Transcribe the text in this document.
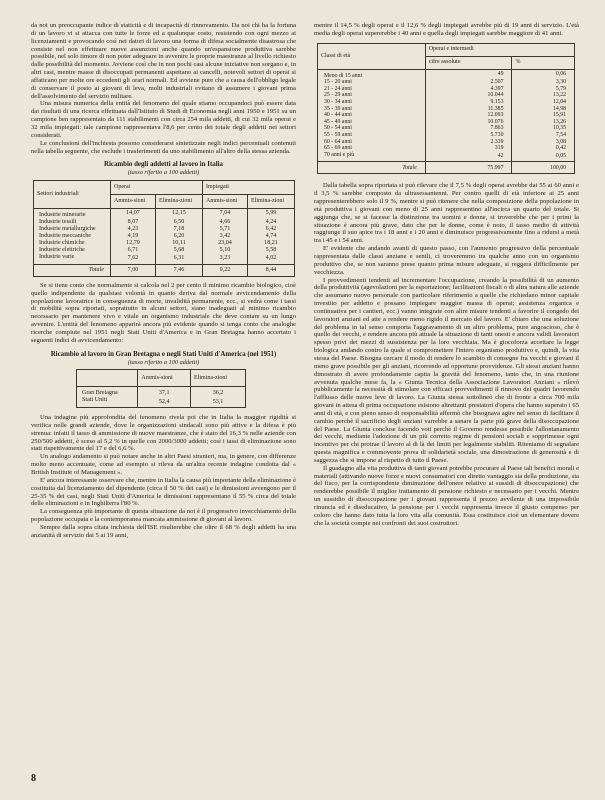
da noi un preoccupante indice di staticità e di incapacità di rinnovamento. Da noi chi ha la fortuna di un lavoro vi si attacca con tutte le forze ed a qualunque costo, resistendo con ogni mezzo ai licenziamenti e provocando così nei datori di lavoro una forma di difesa socialmente disastrosa che consiste nel non effettuare nuove assunzioni anche quando un'espansione produttiva sarebbe possibile, nel solo timore di non poter adeguare in avvenire le proprie maestranze al livello richiesto dalle possibilità del momento. Avviene così che in non pochi casi alcune iniziative non sorgano e, in altri casi, mentre masse di disoccupati permanenti aspettano ai cancelli, notevoli settori di operai si affaticano per molte ore eccedenti gli orari normali. Ed avviene pure che a causa dell'obbligo legale di conservare il posto ai giovani di leva, molti industriali evitano di assumere i giovani prima dell'assolvimento del servizio militare.

Una misura numerica della entità del fenomeno del quale stiamo occupandoci può essere data dai risultati di una ricerca effettuata dall'Istituto di Studi di Economia negli anni 1950 e 1951 su un campione ben rappresentato da 111 stabilimenti con circa 254 mila addetti, di cui 32 mila operai e 32 mila impiegati: tale campione rappresentava l'8,6 per cento dei totale degli addetti nei settori considerati.

Le conclusioni dell'inchiesta possono considerarsi sintetizzate negli indici percentuali contenuti nella tabella seguente, che esclude i trasferimenti da uno stabilimento all'altro della stessa azienda.

Ricambio degli addetti al lavoro in Italia
(tasso riferito a 100 addetti)
Settori industriali	Operai		Impiegati	
	Ammis-sioni	Elimina-zioni	Ammis-sioni	Elimina-zioni
Industrie minerarie	14,07	12,15	7,04	5,99
Industrie tessili	8,07	6,50	4,66	4,24
Industrie metallurgiche	4,23	7,18	5,71	6,42
Industrie meccaniche	4,19	6,20	3,42	4,74
Industrie chimiche	12,79	10,11	23,04	18,21
Industrie elettriche	6,71	5,68	5,10	5,58
Industrie varie	7,62	6,31	3,23	4,02
Totale	7,00	7,46	9,22	8,44

Se si tiene conto che normalmente si calcola nel 2 per cento il minimo ricambio biologico, cioè quello indipendente da qualsiasi volontà in quanto deriva dal normale avvicendamento della popolazione lavoratrice in conseguenza di morte, invalidità permanente, ecc., si vedrà come i tassi di mobilità sopra riportati, soprattutto in alcuni settori, siano inadeguati al minimo ricambio necessario per mantenere vivo e vitale un organismo industriale che deve contare su un lungo avvenire. L'entità del fenomeno apparirà ancora più evidente quando si tenga conto che analoghe ricerche compiute nel 1951 negli Stati Uniti d'America e in Gran Bretagna hanno accertato i seguenti indici di avvicendamento:

Ricambio al lavoro in Gran Bretagna e negli Stati Uniti d'America (nel 1951)
(tasso riferito a 100 addetti)
	Ammis-sioni	Elimina-zioni
Gran Bretagna	37,1	36,2
Stati Uniti	52,4	53,1

Una indagine più approfondita del fenomeno rivela poi che in Italia la maggior rigidità si verifica nelle grandi aziende, dove le organizzazioni sindacali sono più attive e la difesa è più strenua: infatti il tasso di ammissione di nuove maestranze, che è stato del 16,3 % nelle aziende con 250/500 addetti, è sceso al 5,2 % in quelle con 2000/3000 addetti; così i tassi di eliminazione sono stati rispettivamente del 17 e del 6,6 %.

Un analogo andamento si può notare anche in altri Paesi stranieri, ma, in genere, con differenze molto meno accentuate, come ad esempio si rileva da un'altra recente indagine condotta dal « British Institute of Management ».

E' ancora interessante osservare che, mentre in Italia la causa più importante della eliminazione è costituita dal licenziamento del dipendente (circa il 50 % dei casi) e le dimissioni avvengono per il 25-35 % dei casi, negli Stati Uniti d'America le dimissioni rappresentano il 55 % circa del totale delle eliminazioni e in Inghilterra l'80 %.

La conseguenza più importante di questa situazione da noi è il progressivo invecchiamento della popolazione occupata e la contemporanea mancata ammissione di giovani al lavoro.

Sempre dalla sopra citata inchiesta dell'ISE risulterebbe che oltre il 68 % degli addetti ha una anzianità di servizio dai 5 ai 19 anni,

mentre il 14,5 % degli operai e il 12,6 % degli impiegati avrebbe più di 19 anni di servizio. L'età media degli operai supererebbe i 40 anni e quella degli impiegati sarebbe maggiore di 41 anni.

Classi di età	Operai e intermedi	
	cifre assolute	%
Meno di 15 anni	49	0,06
15 - 20 anni	2.507	3,30
21 - 24 anni	4.397	5,79
25 - 29 anni	10.044	13,22
30 - 34 anni	9.153	12,04
35 - 39 anni	11.385	14,98
40 - 44 anni	12.093	15,91
45 - 49 anni	10.076	13,26
50 - 54 anni	7.863	10,35
55 - 59 anni	5.730	7,54
60 - 64 anni	2.339	3,08
65 - 69 anni	319	0,42
70 anni e più	42	0,05
Totale	75.997	100,00

Dalla tabella sopra riportata si può rilevare che il 7,5 % degli operai avrebbe dai 55 ai 60 anni e il 3,5 % sarebbe composto da ultrasessantenni. Per contro quelli di età inferiore ai 25 anni rappresenterebbero solo il 9 %, mentre si può ritenere che nella composizione della popolazione in età produttiva i giovani con meno di 25 anni rappresentino all'incirca un quarto del totale. Si aggiunga che, se si facesse la distinzione tra uomini e donne, si troverebbe che per i primi la situazione è ancora più grave, dato che per le donne, come è noto, il tasso medio di attività raggiunge il suo apice tra i 18 anni e i 20 anni e diminuisce progressivamente fino a ridursi a metà tra i 45 e i 54 anni.

E' evidente che andando avanti di questo passo, con l'aumento progressivo della percentuale rappresentata dalle classi anziane e senili, ci troveremmo tra qualche anno con un organismo produttivo che, se non saranno prese quanto prima misure adeguate, si reggerà difficilmente per vecchiezza.

I provvedimenti tendenti ad incrementare l'occupazione, creando la possibilità di un aumento della produttività (agevolazioni per la esportazione; facilitazioni fiscali o di altra natura alle aziende che assumano nuovo personale con particolare riferimento a quelle che richiedano minor capitale investito per addetto e possano impiegare maggior massa di operai; assistenza organica e continuativa per i cantieri, ecc.) vanno integrate con altre misure tendenti a favorire il congedo dei lavoratori anziani ed atte a rendere meno rigido il mercato del lavoro. E' chiaro che una soluzione del problema in tal senso comporta l'aggravamento di un altro problema, pure angoscioso, che è quello dei vecchi, e rendere ancora più attuale la situazione di tanti onesti e ancora validi lavoratori spesso privi dei mezzi di sussistenza per la loro vecchiaia. Ma è giocoforza accettare la legge biologica andando contro la quale si compromettere l'intero organismo produttivo e, quindi, la vita stessa del Paese. Bisogna cercare il modo di rendere lo scambio di consegne fra vecchi e giovani il meno grave possibile per gli anziani, ricorrendo ad opportune provvidenze. Gli stessi anziani hanno dimostrato di avere profondamente capita la gravità del fenomeno, tanto che, in una riunione avvenuta qualche mese fa, la « Giunta Tecnica della Associazione Lavoratori Anziani » rilevò pubblicamente la necessità di stimolare con efficaci provvedimenti il rinnovo dei quadri favorendo l'afflusso delle nuove leve di lavoro. La Giunta stessa sottolineò che di fronte a circa 700 mila giovani in attesa di prima occupazione esistono altrettanti prestatori d'opera che hanno superato i 65 anni di età, e con pieno senso di responsabilità affermò che bisognava agire nel senso di facilitare il cambio perchè il sacrificio degli anziani varrebbe a sanare la parte più grave della disoccupazione del Paese. La Giunta concluse facendo voti perchè il Governo rendesse possibile l'allontanamento dei vecchi, mediante l'adozione di un più corretto regime di pensioni sociali e sopprimesse ogni incentivo per chi protrae il lavoro al di là dei limiti per legalmente stabiliti. Riteniamo di segnalare questa magnifica e commovente prova di solidarietà sociale, una dimostrazione di generosità e di saggezza che si impone al rispetto di tutto il Paese.

Il guadagno alla vita produttiva di tanti giovani potrebbe procurare al Paese tali benefici morali e materiali (attivando nuove forze e nuovi consumatori con diretto vantaggio sia della produzione, sia del fisco, per la corrispondente diminuzione dell'onere relativo ai sussidi di disoccupazione) che renderebbe possibile il miglior trattamento di pensione richiesto e necessario per i vecchi. Mentre un sussidio di disoccupazione per i giovani rappresenta il prezzo avvilente di una impossibile rinuncia ed è diseducativo, la pensione per i vecchi rappresenta invece il giusto compenso per coloro che hanno dato tutta la loro vita alla comunità. Essa costituisce cioè un elementare dovere che la società compie nei confronti dei suoi costruttori.

8
